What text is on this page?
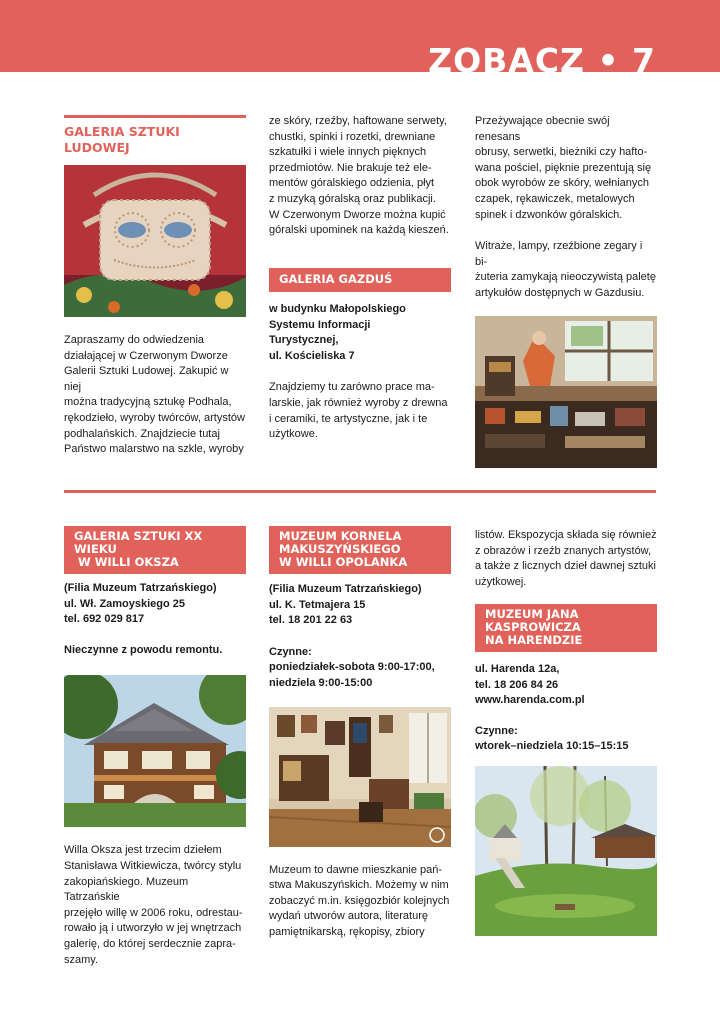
ZOBACZ • 7
GALERIA SZTUKI
LUDOWEJ
Zapraszamy do odwiedzenia
działającej w Czerwonym Dworze
Galerii Sztuki Ludowej. Zakupić w niej
można tradycyjną sztukę Podhala,
rękodzieło, wyroby twórców, artystów
podhalańskich. Znajdziecie tutaj
Państwo malarstwo na szkle, wyroby
ze skóry, rzeźby, haftowane serwety,
chustki, spinki i rozetki, drewniane
szkatułki i wiele innych pięknych
przedmiotów. Nie brakuje też ele-
mentów góralskiego odzienia, płyt
z muzyką góralską oraz publikacji.
W Czerwonym Dworze można kupić
góralski upominek na każdą kieszeń.
GALERIA GAZDUŚ
w budynku Małopolskiego
Systemu Informacji
Turystycznej,
ul. Kościeliska 7
Znajdziemy tu zarówno prace ma-
larskie, jak również wyroby z drewna
i ceramiki, te artystyczne, jak i te
użytkowe.
Przeżywające obecnie swój renesans
obrusy, serwetki, bieżniki czy hafto-
wana pościel, pięknie prezentują się
obok wyrobów ze skóry, wełnianych
czapek, rękawiczek, metalowych
spinek i dzwonków góralskich.
Witraże, lampy, rzeźbione zegary i bi-
żuteria zamykają nieoczywistą paletę
artykułów dostępnych w Gazdusiu.
GALERIA SZTUKI XX WIEKU
W WILLI OKSZA
(Filia Muzeum Tatrzańskiego)
ul. Wł. Zamoyskiego 25
tel. 692 029 817
Nieczynne z powodu remontu.
Willa Oksza jest trzecim dziełem
Stanisława Witkiewicza, twórcy stylu
zakopiańskiego. Muzeum Tatrzańskie
przejęło willę w 2006 roku, odrestau-
rowało ją i utworzyło w jej wnętrzach
galerię, do której serdecznie zapra-
szamy.
MUZEUM KORNELA
MAKUSZYŃSKIEGO
W WILLI OPOLANKA
(Filia Muzeum Tatrzańskiego)
ul. K. Tetmajera 15
tel. 18 201 22 63
Czynne:
poniedziałek-sobota 9:00-17:00,
niedziela 9:00-15:00
Muzeum to dawne mieszkanie pań-
stwa Makuszyńskich. Możemy w nim
zobaczyć m.in. księgozbiór kolejnych
wydań utworów autora, literaturę
pamiętnikarską, rękopisy, zbiory
listów. Ekspozycja składa się również
z obrazów i rzeźb znanych artystów,
a także z licznych dzieł dawnej sztuki
użytkowej.
MUZEUM JANA
KASPROWICZA
NA HARENDZIE
ul. Harenda 12a,
tel. 18 206 84 26
www.harenda.com.pl
Czynne:
wtorek–niedziela 10:15–15:15
